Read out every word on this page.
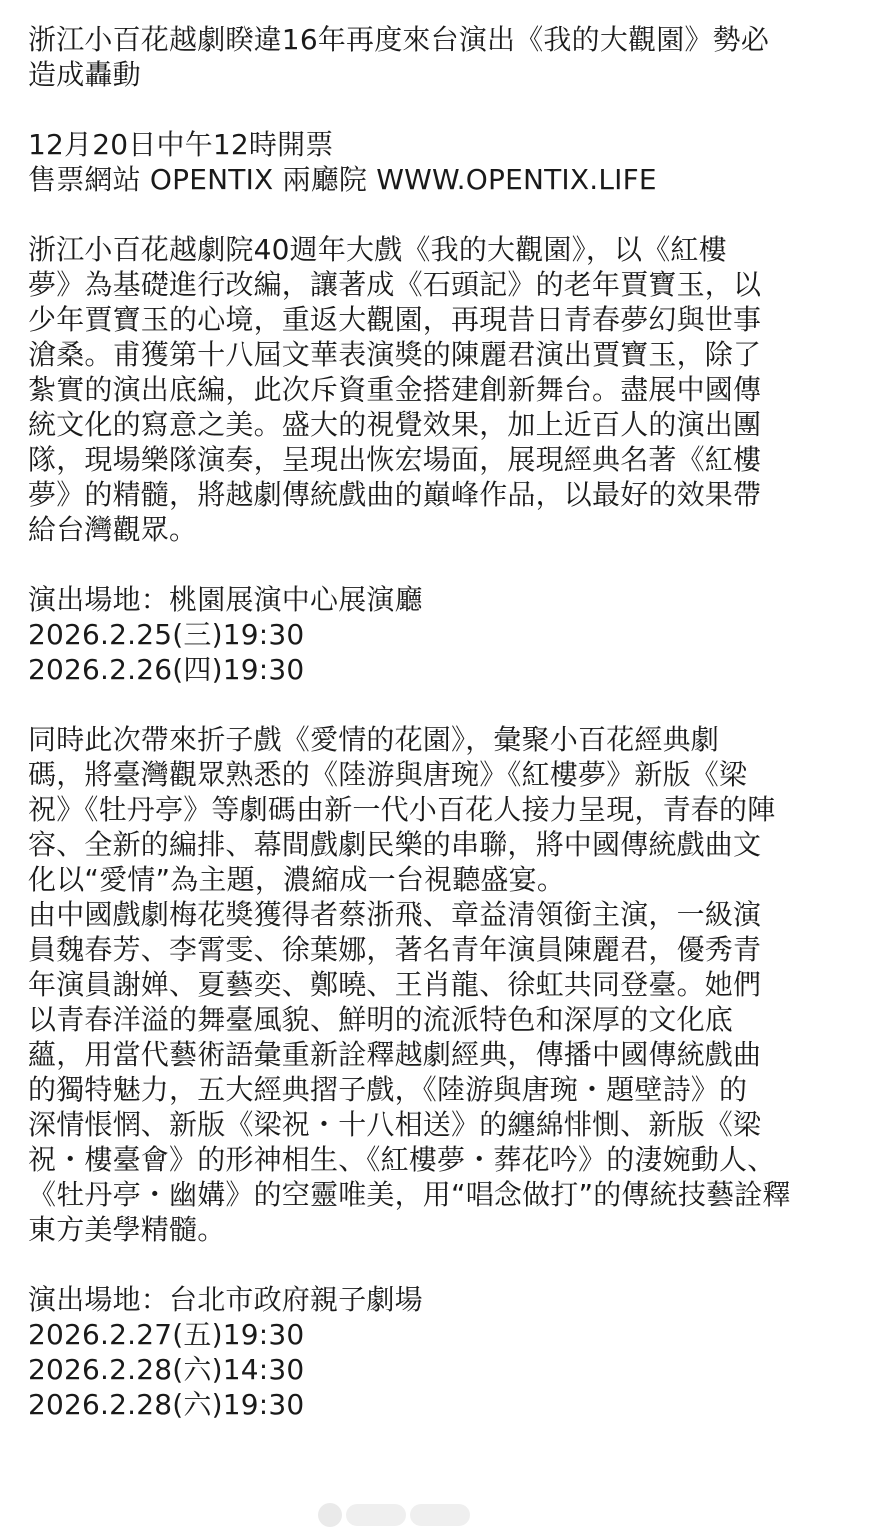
浙江小百花越劇睽違16年再度來台演出《我的大觀園》勢必
造成轟動

12月20日中午12時開票
售票網站 OPENTIX 兩廳院 WWW.OPENTIX.LIFE

浙江小百花越劇院40週年大戲《我的大觀園》，以《紅樓
夢》為基礎進行改編，讓著成《石頭記》的老年賈寶玉，以
少年賈寶玉的心境，重返大觀園，再現昔日青春夢幻與世事
滄桑。甫獲第十八屆文華表演獎的陳麗君演出賈寶玉，除了
紮實的演出底編，此次斥資重金搭建創新舞台。盡展中國傳
統文化的寫意之美。盛大的視覺效果，加上近百人的演出團
隊，現場樂隊演奏，呈現出恢宏場面，展現經典名著《紅樓
夢》的精髓，將越劇傳統戲曲的巔峰作品，以最好的效果帶
給台灣觀眾。

演出場地：桃園展演中心展演廳
2026.2.25(三)19:30
2026.2.26(四)19:30

同時此次帶來折子戲《愛情的花園》，彙聚小百花經典劇
碼，將臺灣觀眾熟悉的《陸游與唐琬》《紅樓夢》新版《梁
祝》《牡丹亭》等劇碼由新一代小百花人接力呈現，青春的陣
容、全新的編排、幕間戲劇民樂的串聯，將中國傳統戲曲文
化以“愛情”為主題，濃縮成一台視聽盛宴。

由中國戲劇梅花獎獲得者蔡浙飛、章益清領銜主演，一級演
員魏春芳、李霄雯、徐葉娜，著名青年演員陳麗君，優秀青
年演員謝婵、夏藝奕、鄭曉、王肖龍、徐虹共同登臺。她們
以青春洋溢的舞臺風貌、鮮明的流派特色和深厚的文化底
蘊，用當代藝術語彙重新詮釋越劇經典，傳播中國傳統戲曲
的獨特魅力，五大經典摺子戲，《陸游與唐琬・題壁詩》的
深情悵惘、新版《梁祝・十八相送》的纏綿悱惻、新版《梁
祝・樓臺會》的形神相生、《紅樓夢・葬花吟》的淒婉動人、
《牡丹亭・幽媾》的空靈唯美，用“唱念做打”的傳統技藝詮釋
東方美學精髓。

演出場地：台北市政府親子劇場
2026.2.27(五)19:30
2026.2.28(六)14:30
2026.2.28(六)19:30
